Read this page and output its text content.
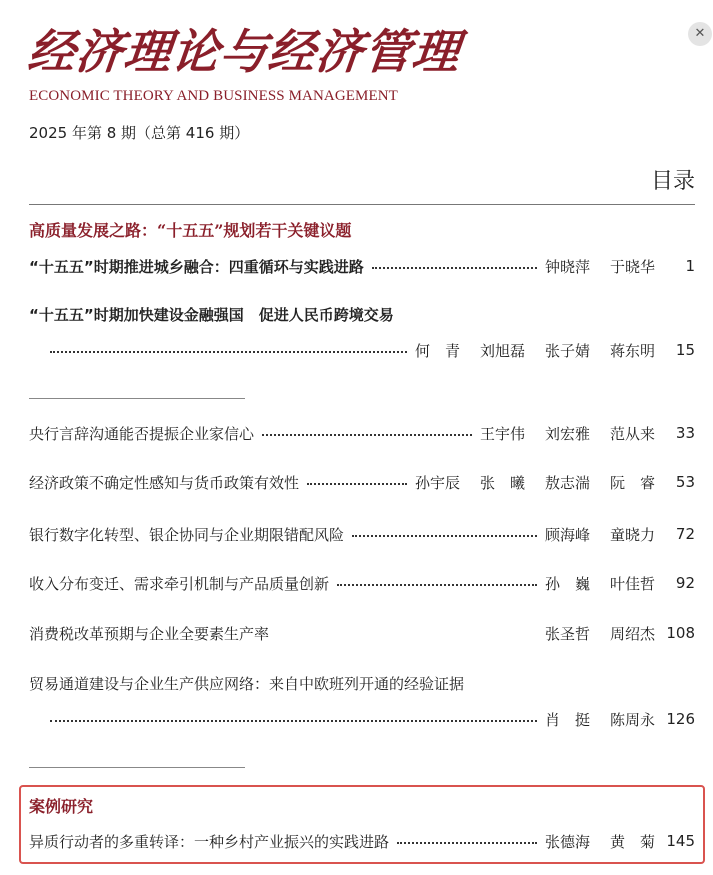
✕
经济理论与经济管理
ECONOMIC THEORY AND BUSINESS MANAGEMENT
2025 年第 8 期（总第 416 期）
目录
高质量发展之路：“十五五”规划若干关键议题
“十五五”时期推进城乡融合：四重循环与实践进路	钟晓萍 于晓华	1
“十五五”时期加快建设金融强国　促进人民币跨境交易
何　青 刘旭磊 张子婧 蒋东明	15
央行言辞沟通能否提振企业家信心	王宇伟 刘宏雅 范从来	33
经济政策不确定性感知与货币政策有效性	孙宇辰 张　曦 敖志湍 阮　睿	53
银行数字化转型、银企协同与企业期限错配风险	顾海峰 童晓力	72
收入分布变迁、需求牵引机制与产品质量创新	孙　巍 叶佳哲	92
消费税改革预期与企业全要素生产率	张圣哲 周绍杰 108
贸易通道建设与企业生产供应网络：来自中欧班列开通的经验证据
肖　挺 陈周永 126
案例研究
异质行动者的多重转译：一种乡村产业振兴的实践进路	张德海 黄　菊 145
